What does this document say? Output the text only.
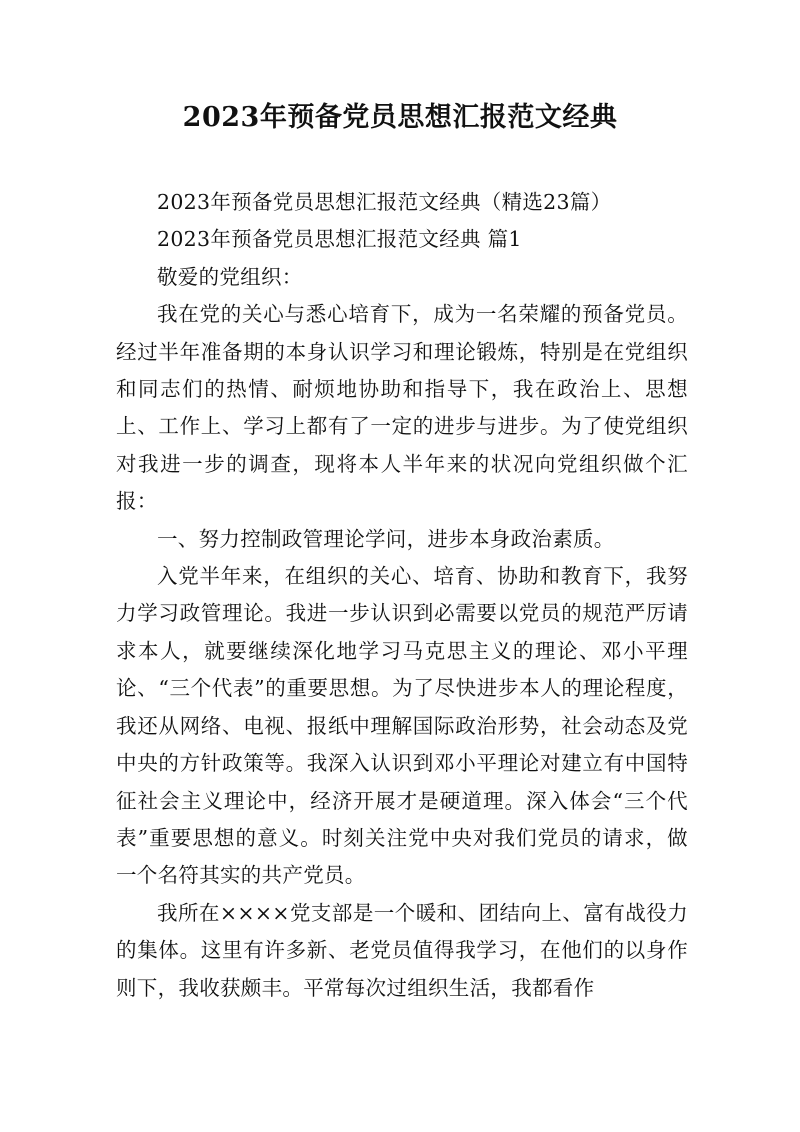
2023年预备党员思想汇报范文经典

2023年预备党员思想汇报范文经典（精选23篇）

2023年预备党员思想汇报范文经典 篇1

敬爱的党组织：

我在党的关心与悉心培育下，成为一名荣耀的预备党员。经过半年准备期的本身认识学习和理论锻炼，特别是在党组织和同志们的热情、耐烦地协助和指导下，我在政治上、思想上、工作上、学习上都有了一定的进步与进步。为了使党组织对我进一步的调查，现将本人半年来的状况向党组织做个汇报：

一、努力控制政管理论学问，进步本身政治素质。

入党半年来，在组织的关心、培育、协助和教育下，我努力学习政管理论。我进一步认识到必需要以党员的规范严厉请求本人，就要继续深化地学习马克思主义的理论、邓小平理论、“三个代表”的重要思想。为了尽快进步本人的理论程度，我还从网络、电视、报纸中理解国际政治形势，社会动态及党中央的方针政策等。我深入认识到邓小平理论对建立有中国特征社会主义理论中，经济开展才是硬道理。深入体会“三个代表”重要思想的意义。时刻关注党中央对我们党员的请求，做一个名符其实的共产党员。

我所在××××党支部是一个暖和、团结向上、富有战役力的集体。这里有许多新、老党员值得我学习，在他们的以身作则下，我收获颇丰。平常每次过组织生活，我都看作
